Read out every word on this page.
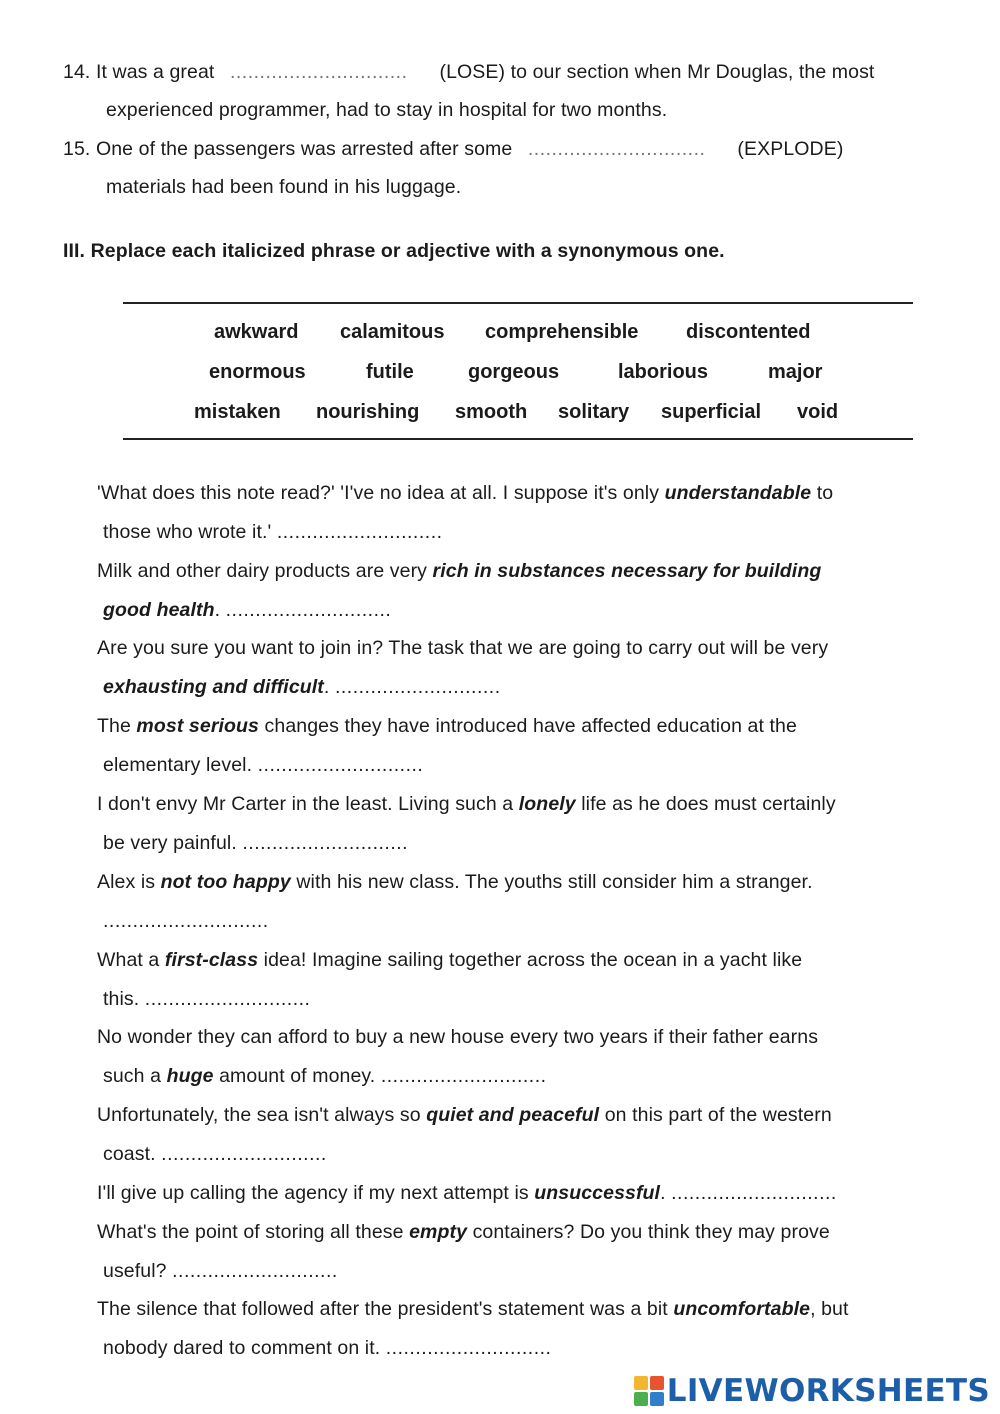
14. It was a great ..............................	(LOSE) to our section when Mr Douglas, the most
experienced programmer, had to stay in hospital for two months.
15. One of the passengers was arrested after some ..............................	(EXPLODE)
materials had been found in his luggage.
III. Replace each italicized phrase or adjective with a synonymous one.
awkward calamitous comprehensible discontented
enormous	futile	gorgeous	laborious	major
mistaken nourishing smooth solitary superficial void
'What does this note read?' 'I've no idea at all. I suppose it's only understandable to
those who wrote it.' ............................
Milk and other dairy products are very rich in substances necessary for building
good health. ............................
Are you sure you want to join in? The task that we are going to carry out will be very
exhausting and difficult. ............................
The most serious changes they have introduced have affected education at the
elementary level. ............................
I don't envy Mr Carter in the least. Living such a lonely life as he does must certainly
be very painful. ............................
Alex is not too happy with his new class. The youths still consider him a stranger.
............................
What a first-class idea! Imagine sailing together across the ocean in a yacht like
this. ............................
No wonder they can afford to buy a new house every two years if their father earns
such a huge amount of money. ............................
Unfortunately, the sea isn't always so quiet and peaceful on this part of the western
coast. ............................
I'll give up calling the agency if my next attempt is unsuccessful. ............................
What's the point of storing all these empty containers? Do you think they may prove
useful? ............................
The silence that followed after the president's statement was a bit uncomfortable, but
nobody dared to comment on it. ............................
LIVEWORKSHEETS
